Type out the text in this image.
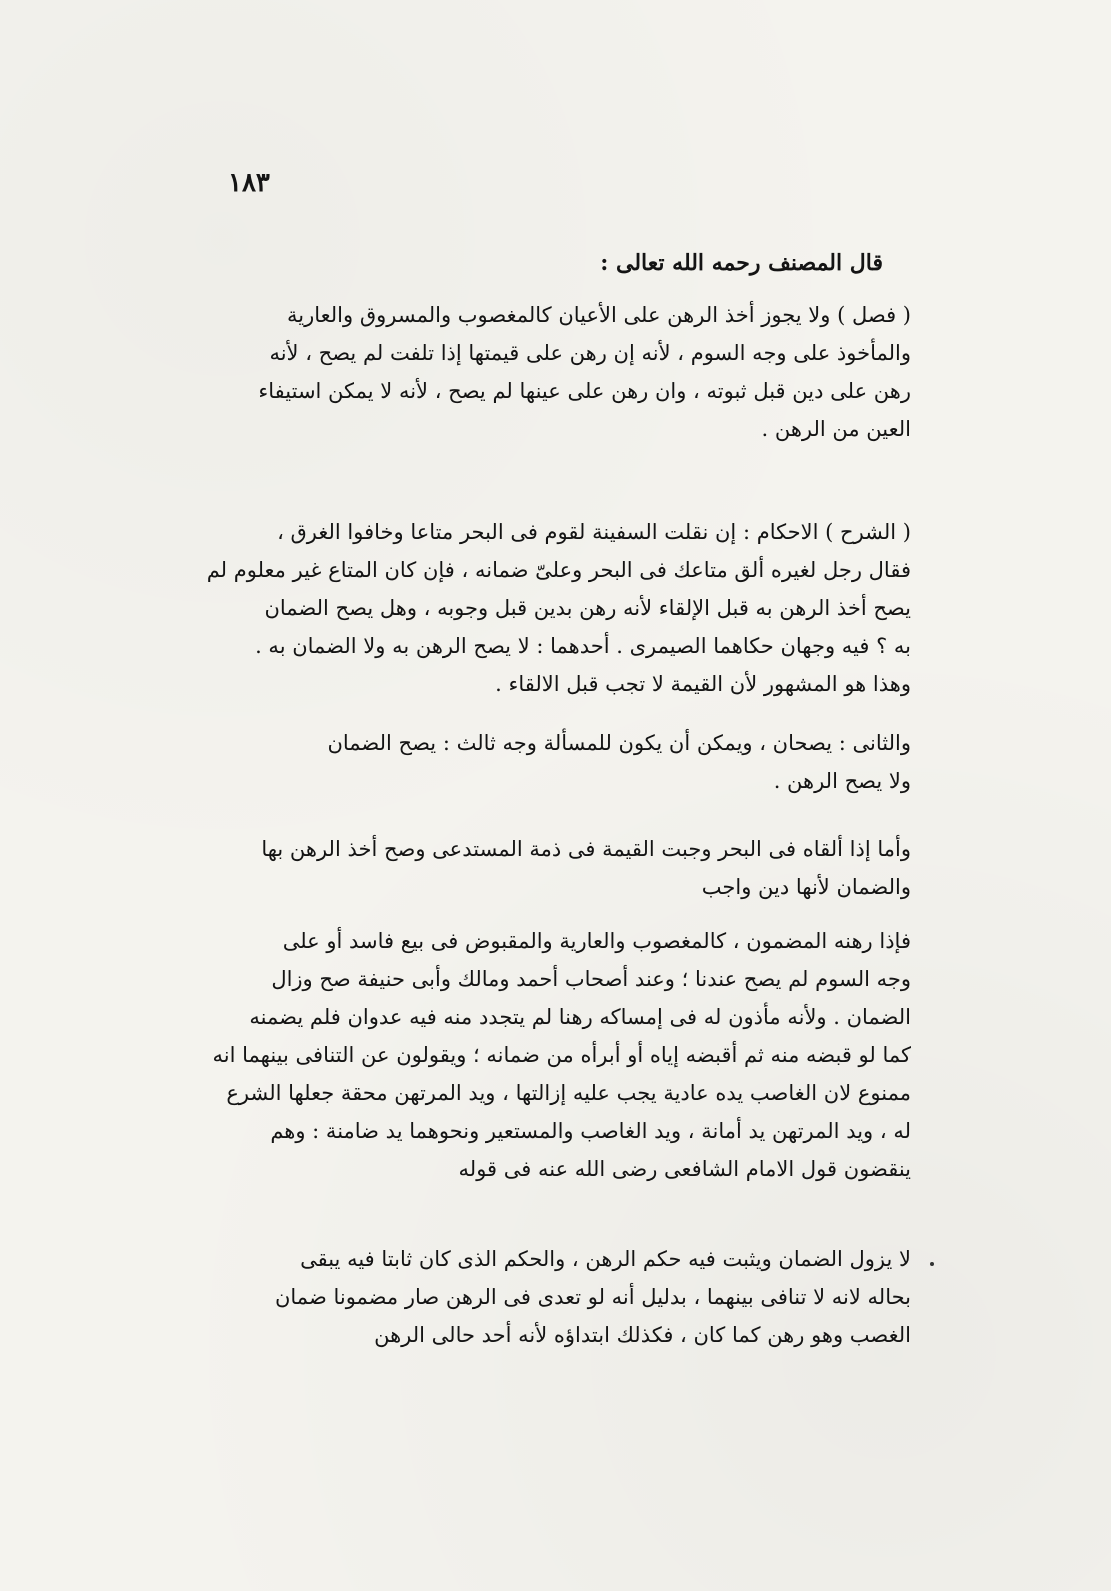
١٨٣
قال المصنف رحمه الله تعالى :
( فصل ) ولا يجوز أخذ الرهن على الأعيان كالمغصوب والمسروق والعارية
والمأخوذ على وجه السوم ، لأنه إن رهن على قيمتها إذا تلفت لم يصح ، لأنه
رهن على دين قبل ثبوته ، وان رهن على عينها لم يصح ، لأنه لا يمكن استيفاء
العين من الرهن .
( الشرح ) الاحكام : إن نقلت السفينة لقوم فى البحر متاعا وخافوا الغرق ،
فقال رجل لغيره ألق متاعك فى البحر وعلىّ ضمانه ، فإن كان المتاع غير معلوم لم
يصح أخذ الرهن به قبل الإلقاء لأنه رهن بدين قبل وجوبه ، وهل يصح الضمان
به ؟ فيه وجهان حكاهما الصيمرى . أحدهما : لا يصح الرهن به ولا الضمان به .
وهذا هو المشهور لأن القيمة لا تجب قبل الالقاء .
والثانى : يصحان ، ويمكن أن يكون للمسألة وجه ثالث : يصح الضمان
ولا يصح الرهن .
وأما إذا ألقاه فى البحر وجبت القيمة فى ذمة المستدعى وصح أخذ الرهن بها
والضمان لأنها دين واجب
فإذا رهنه المضمون ، كالمغصوب والعارية والمقبوض فى بيع فاسد أو على
وجه السوم لم يصح عندنا ؛ وعند أصحاب أحمد ومالك وأبى حنيفة صح وزال
الضمان . ولأنه مأذون له فى إمساكه رهنا لم يتجدد منه فيه عدوان فلم يضمنه
كما لو قبضه منه ثم أقبضه إياه أو أبرأه من ضمانه ؛ ويقولون عن التنافى بينهما انه
ممنوع لان الغاصب يده عادية يجب عليه إزالتها ، ويد المرتهن محقة جعلها الشرع
له ، ويد المرتهن يد أمانة ، ويد الغاصب والمستعير ونحوهما يد ضامنة : وهم
ينقضون قول الامام الشافعى رضى الله عنه فى قوله
لا يزول الضمان ويثبت فيه حكم الرهن ، والحكم الذى كان ثابتا فيه يبقى
بحاله لانه لا تنافى بينهما ، بدليل أنه لو تعدى فى الرهن صار مضمونا ضمان
الغصب وهو رهن كما كان ، فكذلك ابتداؤه لأنه أحد حالى الرهن
